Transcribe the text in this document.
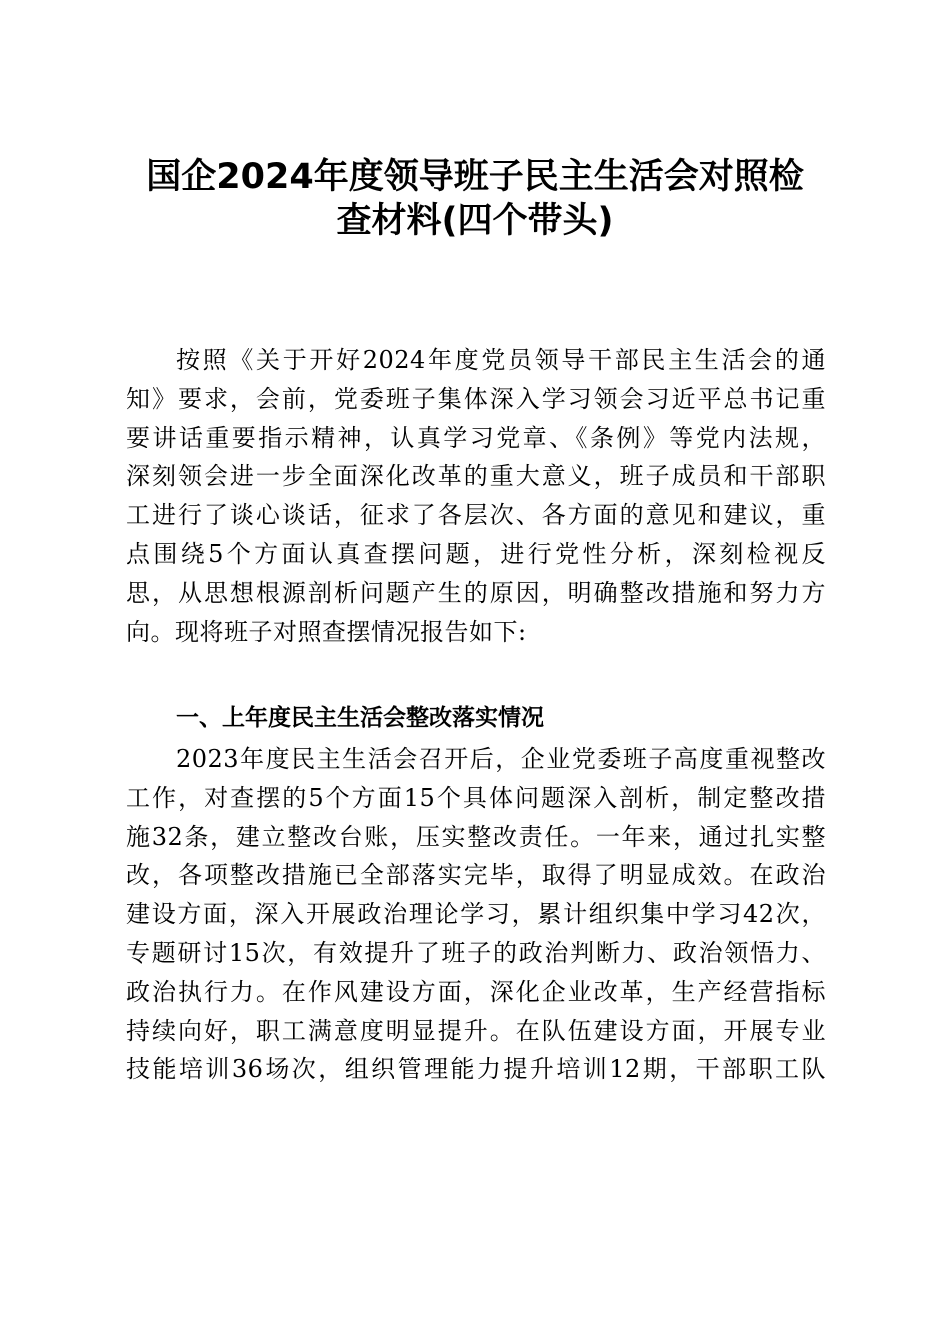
国企2024年度领导班子民主生活会对照检
查材料(四个带头)
按照《关于开好2024年度党员领导干部民主生活会的通
知》要求，会前，党委班子集体深入学习领会习近平总书记重
要讲话重要指示精神，认真学习党章、《条例》等党内法规，
深刻领会进一步全面深化改革的重大意义，班子成员和干部职
工进行了谈心谈话，征求了各层次、各方面的意见和建议，重
点围绕5个方面认真查摆问题，进行党性分析，深刻检视反
思，从思想根源剖析问题产生的原因，明确整改措施和努力方
向。现将班子对照查摆情况报告如下:
一、上年度民主生活会整改落实情况
2023年度民主生活会召开后，企业党委班子高度重视整改
工作，对查摆的5个方面15个具体问题深入剖析，制定整改措
施32条，建立整改台账，压实整改责任。一年来，通过扎实整
改，各项整改措施已全部落实完毕，取得了明显成效。在政治
建设方面，深入开展政治理论学习，累计组织集中学习42次，
专题研讨15次，有效提升了班子的政治判断力、政治领悟力、
政治执行力。在作风建设方面，深化企业改革，生产经营指标
持续向好，职工满意度明显提升。在队伍建设方面，开展专业
技能培训36场次，组织管理能力提升培训12期，干部职工队
